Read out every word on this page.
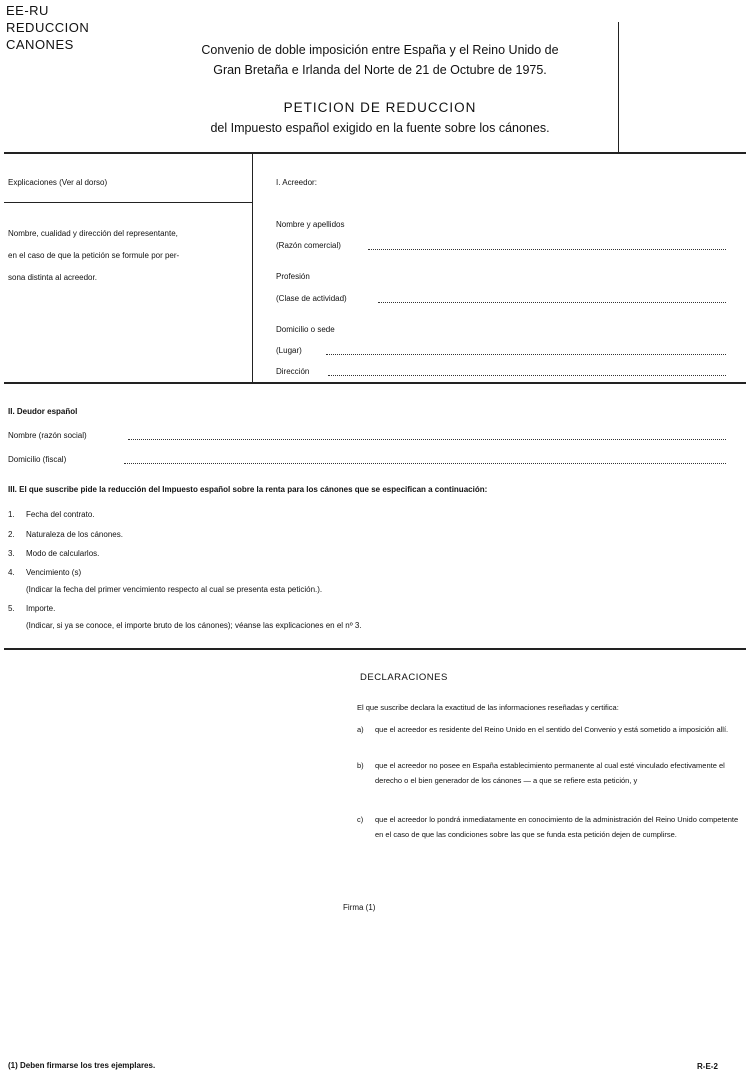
EE-RU
REDUCCION
CANONES	Convenio de doble imposición entre España y el Reino Unido de
Gran Bretaña e Irlanda del Norte de 21 de Octubre de 1975.
PETICION DE REDUCCION
del Impuesto español exigido en la fuente sobre los cánones.
Explicaciones (Ver al dorso)
Nombre, cualidad y dirección del representante,
en el caso de que la petición se formule por per-
sona distinta al acreedor.
I. Acreedor:
Nombre y apellidos
(Razón comercial)
Profesión
(Clase de actividad)
Domicilio o sede
(Lugar)
Dirección
II. Deudor español
Nombre (razón social)
Domicilio (fiscal)
III. El que suscribe pide la reducción del Impuesto español sobre la renta para los cánones que se especifican a continuación:
1. Fecha del contrato.
2. Naturaleza de los cánones.
3. Modo de calcularlos.
4. Vencimiento (s)
(Indicar la fecha del primer vencimiento respecto al cual se presenta esta petición.).
5. Importe.
(Indicar, si ya se conoce, el importe bruto de los cánones); véanse las explicaciones en el nº 3.
DECLARACIONES
El que suscribe declara la exactitud de las informaciones reseñadas y certifica:
a) que el acreedor es residente del Reino Unido en el sentido del Convenio y está sometido a imposición allí.
b) que el acreedor no posee en España establecimiento permanente al cual esté vinculado efectivamente el derecho o el bien generador de los cánones — a que se refiere esta petición, y
c) que el acreedor lo pondrá inmediatamente en conocimiento de la administración del Reino Unido competente en el caso de que las condiciones sobre las que se funda esta petición dejen de cumplirse.
Firma (1)
(1) Deben firmarse los tres ejemplares.	R-E-2
